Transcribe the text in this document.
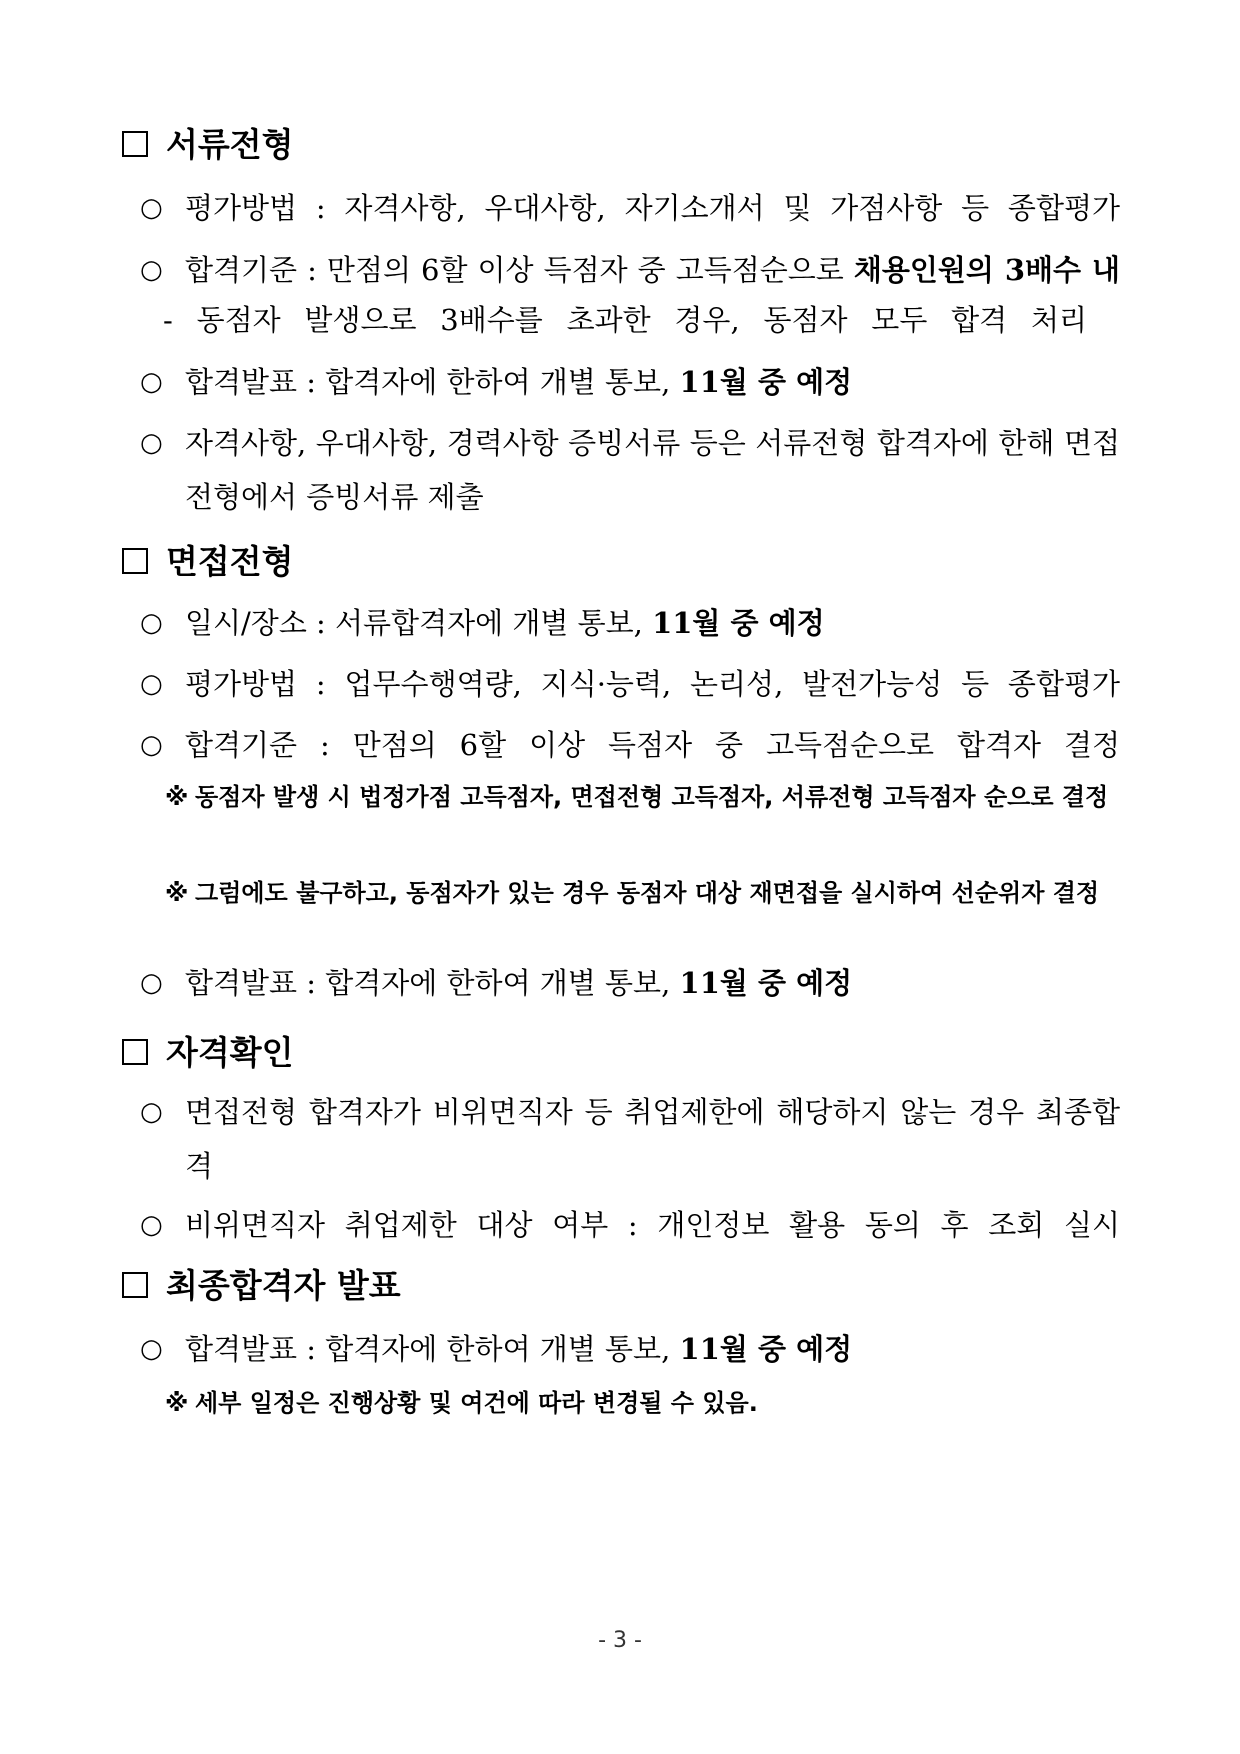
서류전형
○ 평가방법 : 자격사항, 우대사항, 자기소개서 및 가점사항 등 종합평가
○ 합격기준 : 만점의 6할 이상 득점자 중 고득점순으로 채용인원의 3배수 내
- 동점자 발생으로 3배수를 초과한 경우, 동점자 모두 합격 처리
○ 합격발표 : 합격자에 한하여 개별 통보, 11월 중 예정
○ 자격사항, 우대사항, 경력사항 증빙서류 등은 서류전형 합격자에 한해 면접전형에서 증빙서류 제출
면접전형
○ 일시/장소 : 서류합격자에 개별 통보, 11월 중 예정
○ 평가방법 : 업무수행역량, 지식·능력, 논리성, 발전가능성 등 종합평가
○ 합격기준 : 만점의 6할 이상 득점자 중 고득점순으로 합격자 결정
※ 동점자 발생 시 법정가점 고득점자, 면접전형 고득점자, 서류전형 고득점자 순으로 결정
※ 그럼에도 불구하고, 동점자가 있는 경우 동점자 대상 재면접을 실시하여 선순위자 결정
○ 합격발표 : 합격자에 한하여 개별 통보, 11월 중 예정
자격확인
○ 면접전형 합격자가 비위면직자 등 취업제한에 해당하지 않는 경우 최종합격
○ 비위면직자 취업제한 대상 여부 : 개인정보 활용 동의 후 조회 실시
최종합격자 발표
○ 합격발표 : 합격자에 한하여 개별 통보, 11월 중 예정
※ 세부 일정은 진행상황 및 여건에 따라 변경될 수 있음.
- 3 -
